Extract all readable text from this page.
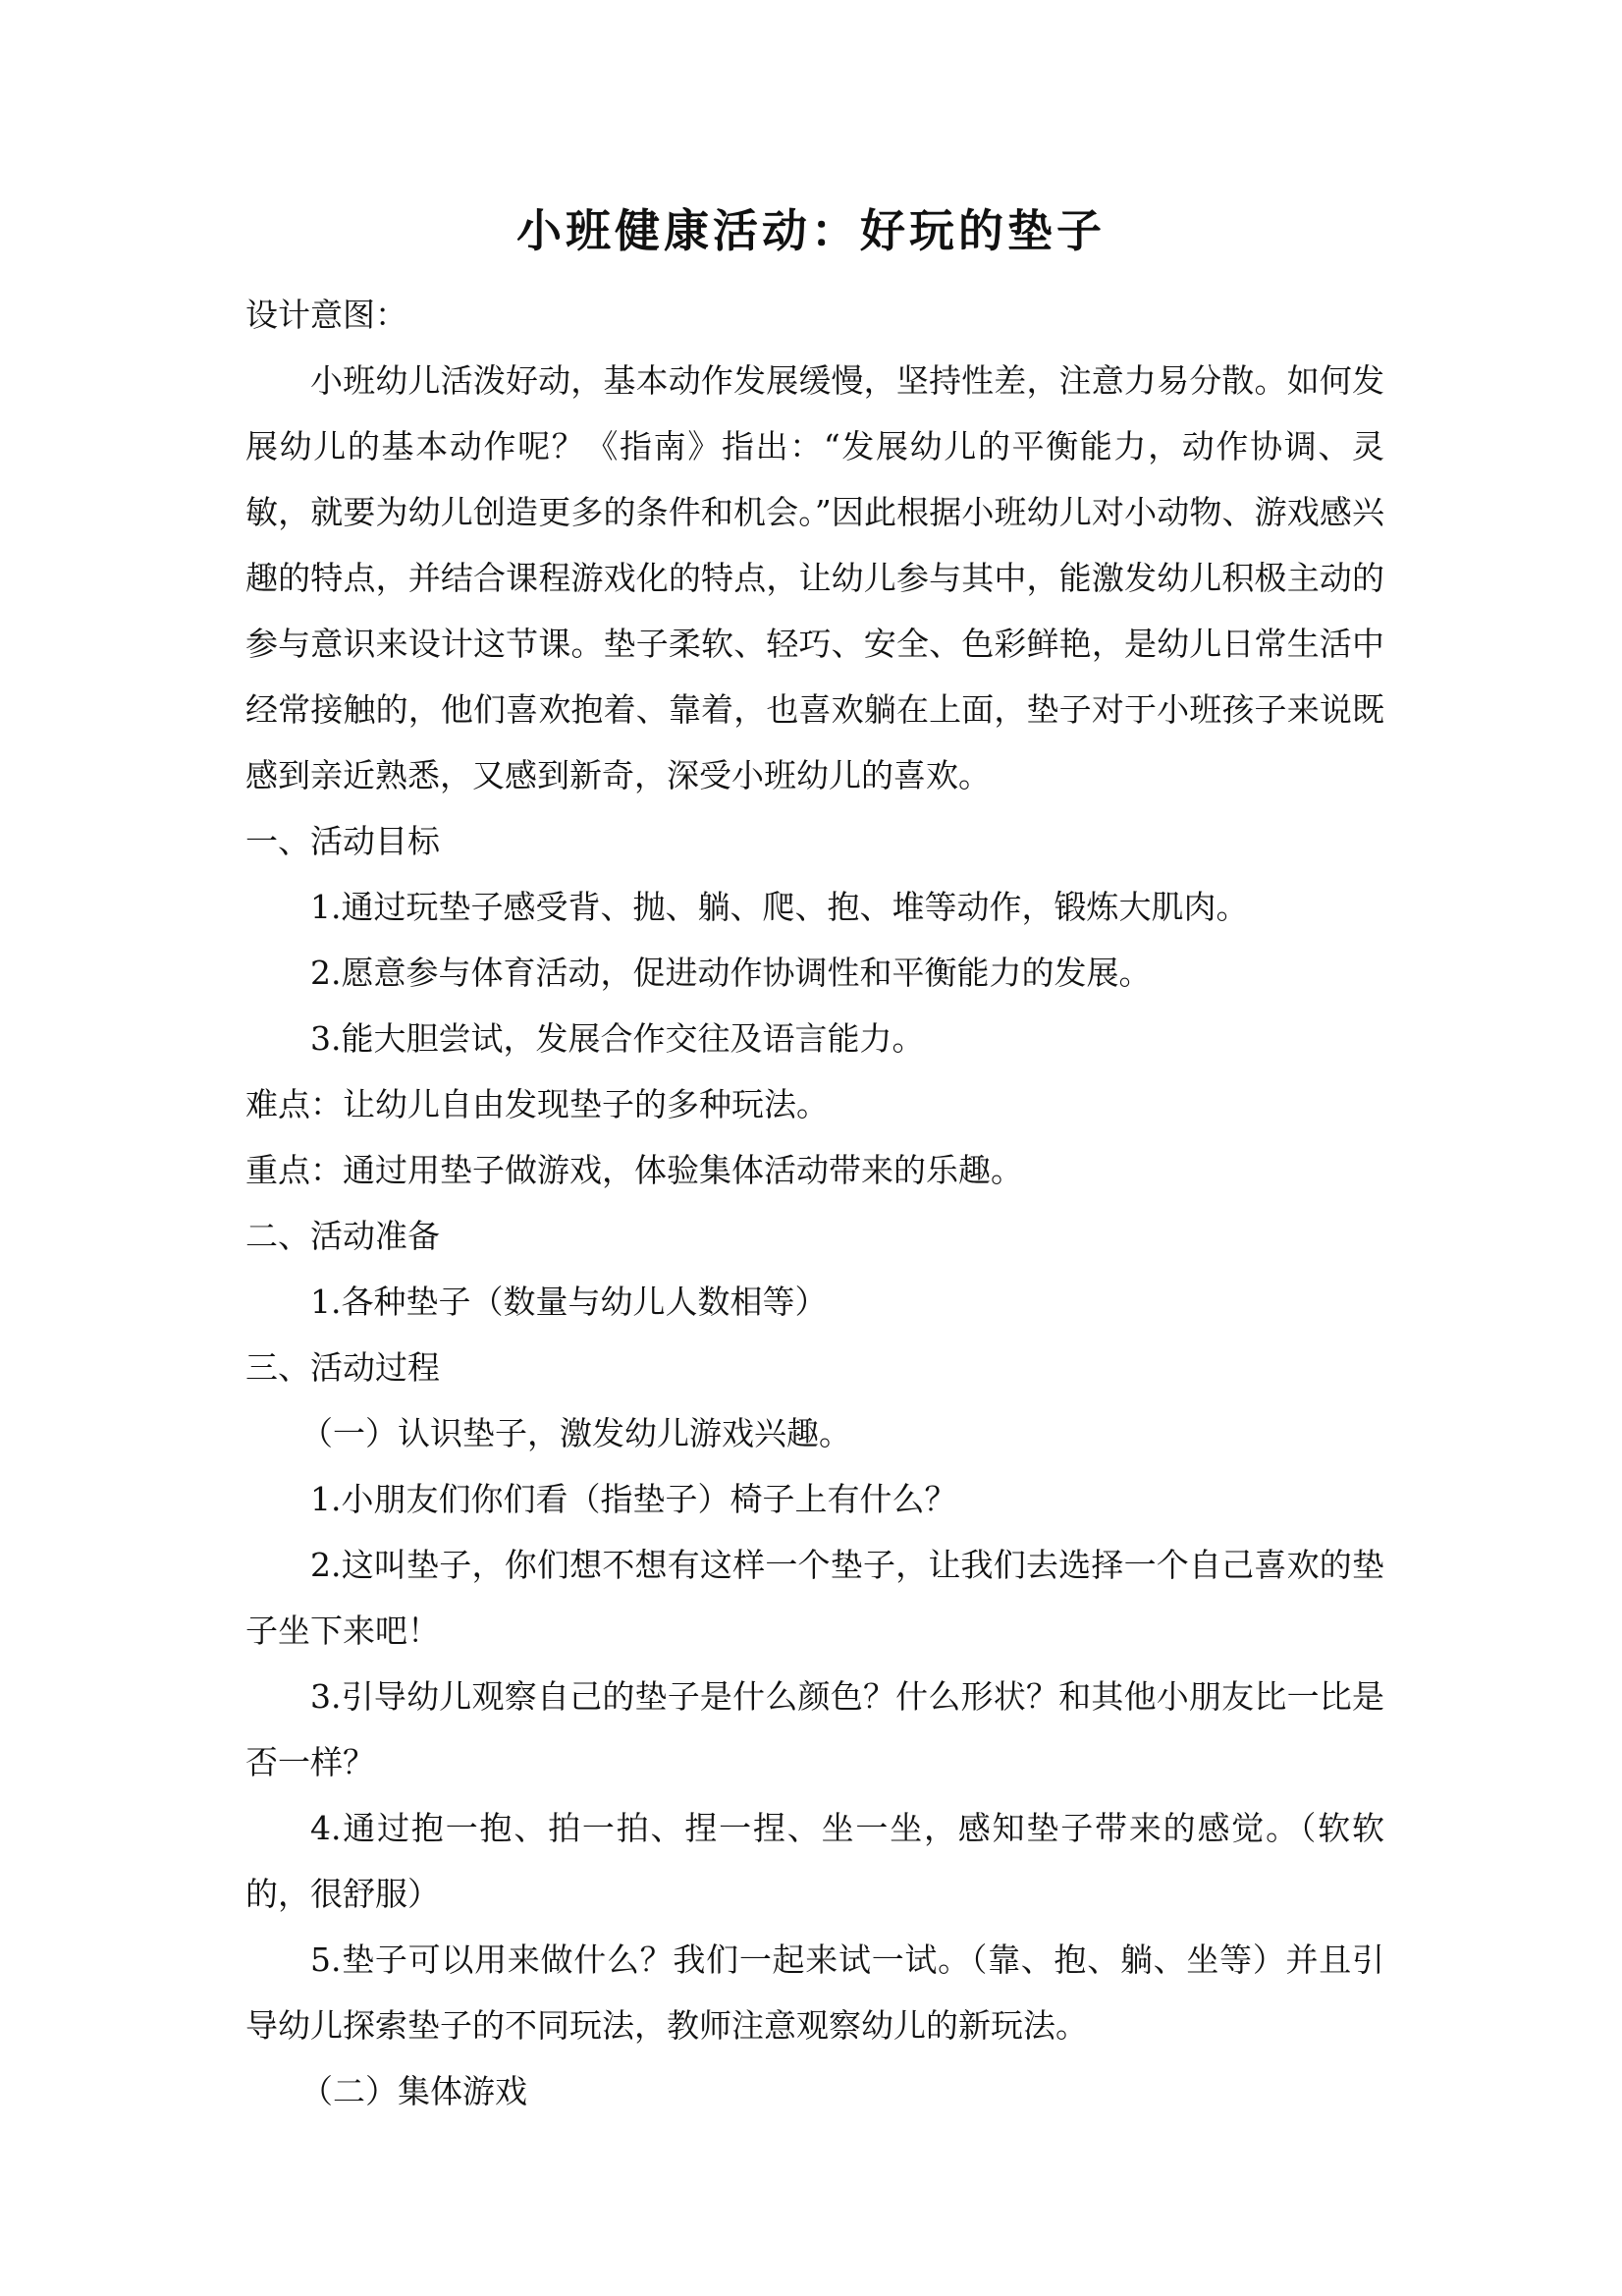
小班健康活动：好玩的垫子

设计意图：

小班幼儿活泼好动，基本动作发展缓慢，坚持性差，注意力易分散。如何发展幼儿的基本动作呢？《指南》指出：“发展幼儿的平衡能力，动作协调、灵敏，就要为幼儿创造更多的条件和机会。”因此根据小班幼儿对小动物、游戏感兴趣的特点，并结合课程游戏化的特点，让幼儿参与其中，能激发幼儿积极主动的参与意识来设计这节课。垫子柔软、轻巧、安全、色彩鲜艳，是幼儿日常生活中经常接触的，他们喜欢抱着、靠着，也喜欢躺在上面，垫子对于小班孩子来说既感到亲近熟悉，又感到新奇，深受小班幼儿的喜欢。

一、活动目标

1.通过玩垫子感受背、抛、躺、爬、抱、堆等动作，锻炼大肌肉。

2.愿意参与体育活动，促进动作协调性和平衡能力的发展。

3.能大胆尝试，发展合作交往及语言能力。

难点：让幼儿自由发现垫子的多种玩法。

重点：通过用垫子做游戏，体验集体活动带来的乐趣。

二、活动准备

1.各种垫子（数量与幼儿人数相等）

三、活动过程

（一）认识垫子，激发幼儿游戏兴趣。

1.小朋友们你们看（指垫子）椅子上有什么？

2.这叫垫子，你们想不想有这样一个垫子，让我们去选择一个自己喜欢的垫子坐下来吧！

3.引导幼儿观察自己的垫子是什么颜色？什么形状？和其他小朋友比一比是否一样？

4.通过抱一抱、拍一拍、捏一捏、坐一坐，感知垫子带来的感觉。（软软的，很舒服）

5.垫子可以用来做什么？我们一起来试一试。（靠、抱、躺、坐等）并且引导幼儿探索垫子的不同玩法，教师注意观察幼儿的新玩法。

（二）集体游戏
